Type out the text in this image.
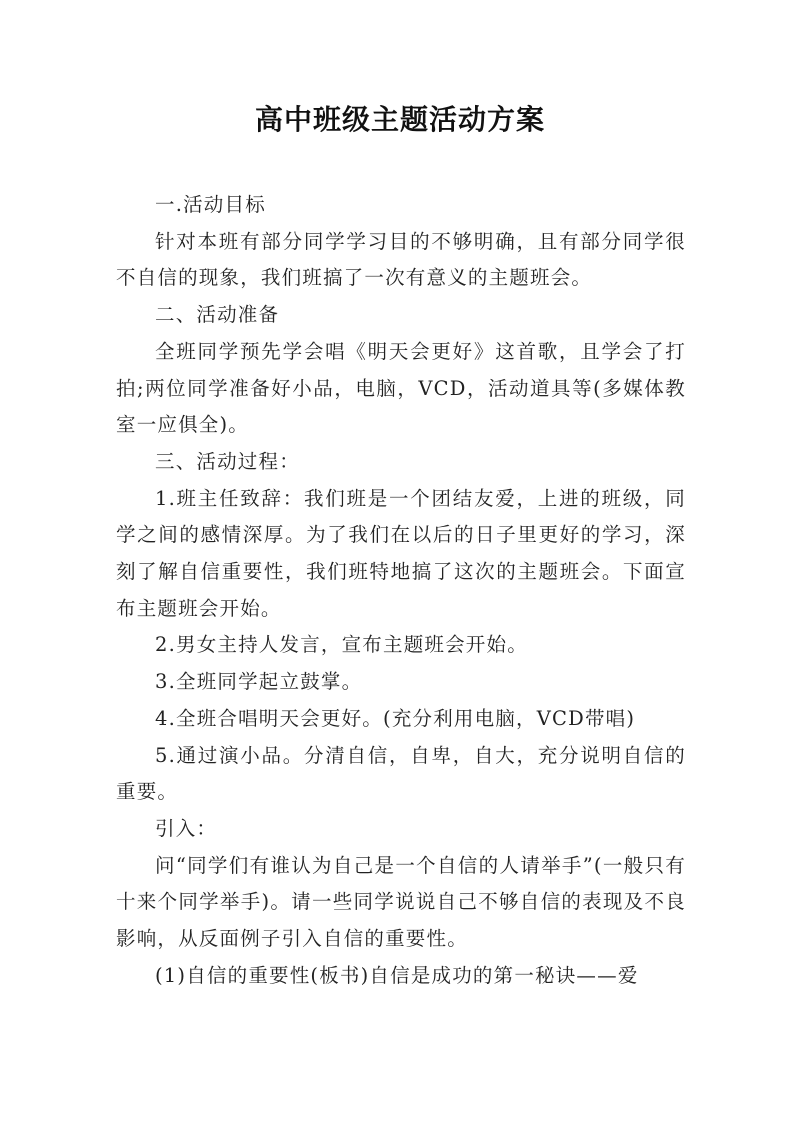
高中班级主题活动方案

一.活动目标

针对本班有部分同学学习目的不够明确，且有部分同学很不自信的现象，我们班搞了一次有意义的主题班会。

二、活动准备

全班同学预先学会唱《明天会更好》这首歌，且学会了打拍;两位同学准备好小品，电脑，VCD，活动道具等(多媒体教室一应俱全)。

三、活动过程：

1.班主任致辞：我们班是一个团结友爱，上进的班级，同学之间的感情深厚。为了我们在以后的日子里更好的学习，深刻了解自信重要性，我们班特地搞了这次的主题班会。下面宣布主题班会开始。

2.男女主持人发言，宣布主题班会开始。

3.全班同学起立鼓掌。

4.全班合唱明天会更好。(充分利用电脑，VCD带唱)

5.通过演小品。分清自信，自卑，自大，充分说明自信的重要。

引入：

问“同学们有谁认为自己是一个自信的人请举手”(一般只有十来个同学举手)。请一些同学说说自己不够自信的表现及不良影响，从反面例子引入自信的重要性。

(1)自信的重要性(板书)自信是成功的第一秘诀——爱
